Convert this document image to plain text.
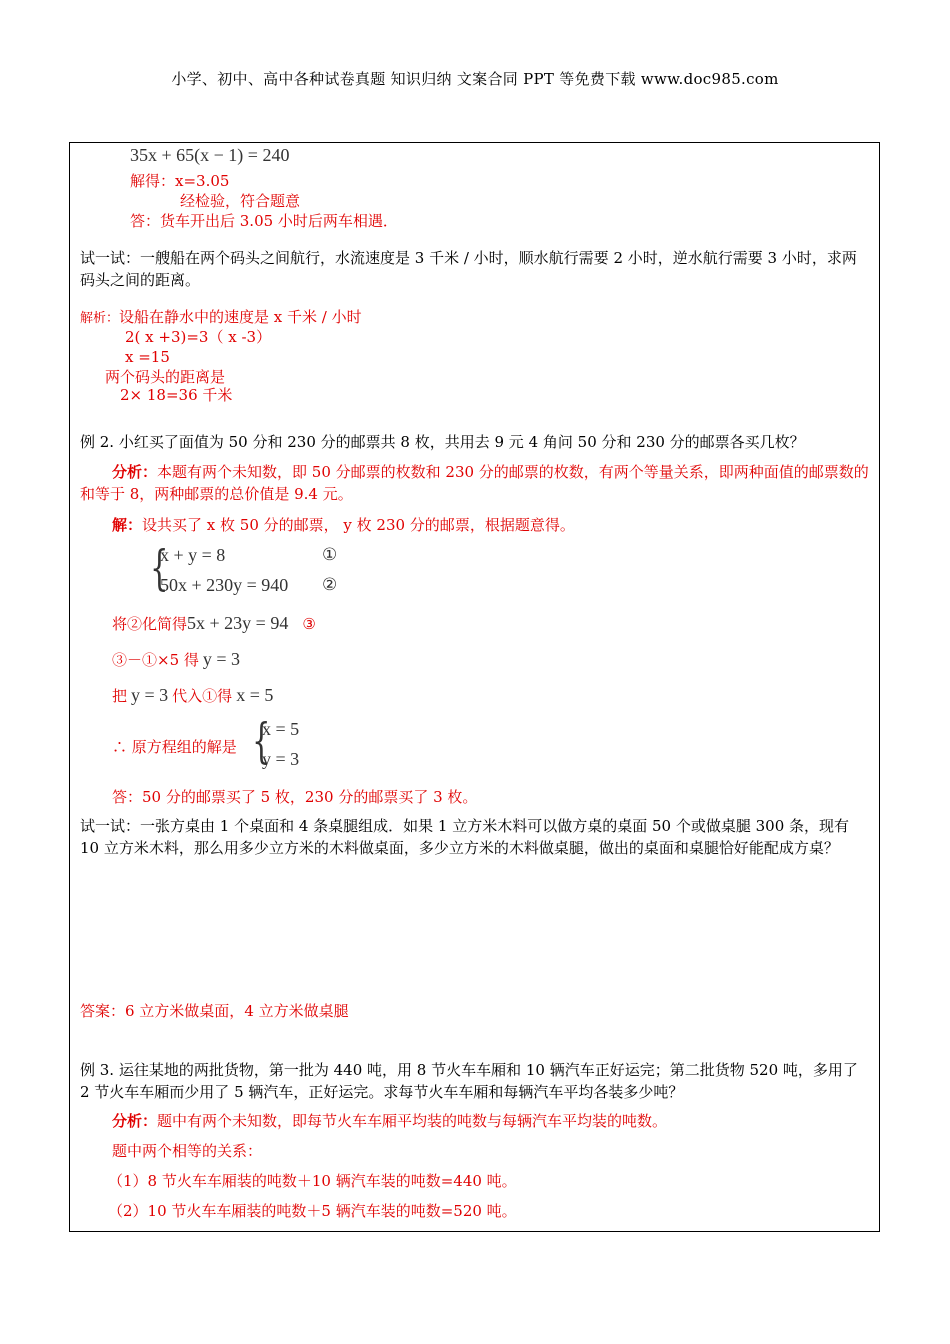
小学、初中、高中各种试卷真题 知识归纳 文案合同 PPT 等免费下载 www.doc985.com
35x + 65(x − 1) = 240
解得：x=3.05
经检验，符合题意
答：货车开出后 3.05 小时后两车相遇．
试一试：一艘船在两个码头之间航行，水流速度是 3 千米 / 小时，顺水航行需要 2 小时，逆水航行需要 3 小时，求两码头之间的距离。
解析：设船在静水中的速度是 x 千米 / 小时
2( x +3)=3（ x -3）
x =15
两个码头的距离是
2× 18=36 千米
例 2. 小红买了面值为 50 分和 230 分的邮票共 8 枚，共用去 9 元 4 角问 50 分和 230 分的邮票各买几枚？
分析：本题有两个未知数，即 50 分邮票的枚数和 230 分的邮票的枚数，有两个等量关系，即两种面值的邮票数的和等于 8，两种邮票的总价值是 9.4 元。
解：设共买了 x 枚 50 分的邮票， y 枚 230 分的邮票，根据题意得。
{
x + y = 8	①
50x + 230y = 940 ②
将②化简得5x + 23y = 94 ③
③－①×5 得 y = 3
把 y = 3 代入①得 x = 5
∴ 原方程组的解是 {
x = 5
y = 3
答：50 分的邮票买了 5 枚，230 分的邮票买了 3 枚。
试一试：一张方桌由 1 个桌面和 4 条桌腿组成．如果 1 立方米木料可以做方桌的桌面 50 个或做桌腿 300 条，现有 10 立方米木料，那么用多少立方米的木料做桌面，多少立方米的木料做桌腿，做出的桌面和桌腿恰好能配成方桌？
答案：6 立方米做桌面，4 立方米做桌腿
例 3. 运往某地的两批货物，第一批为 440 吨，用 8 节火车车厢和 10 辆汽车正好运完；第二批货物 520 吨，多用了 2 节火车车厢而少用了 5 辆汽车，正好运完。求每节火车车厢和每辆汽车平均各装多少吨？
分析：题中有两个未知数，即每节火车车厢平均装的吨数与每辆汽车平均装的吨数。
题中两个相等的关系：
（1）8 节火车车厢装的吨数＋10 辆汽车装的吨数=440 吨。
（2）10 节火车车厢装的吨数＋5 辆汽车装的吨数=520 吨。
